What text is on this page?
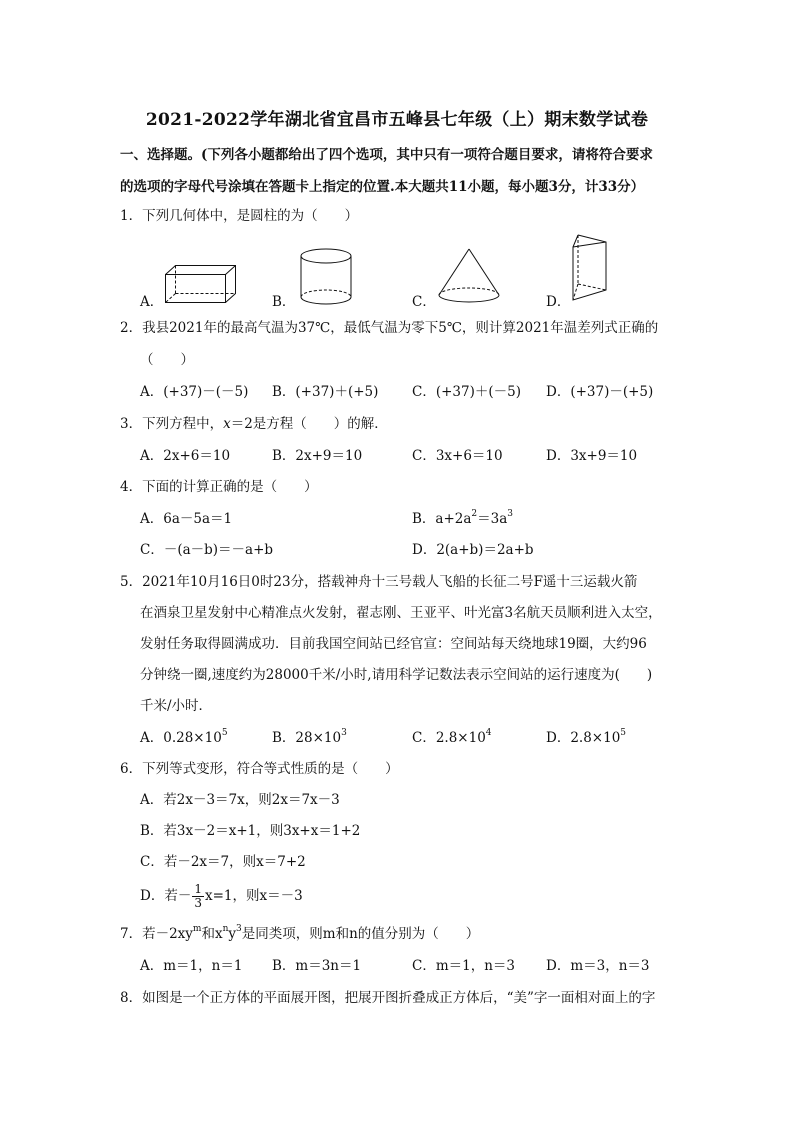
2021-2022学年湖北省宜昌市五峰县七年级（上）期末数学试卷
一、选择题。(下列各小题都给出了四个选项，其中只有一项符合题目要求，请将符合要求
的选项的字母代号涂填在答题卡上指定的位置.本大题共11小题，每小题3分，计33分）
1．下列几何体中，是圆柱的为（　　）
A．	B．	C．	D．
2．我县2021年的最高气温为37℃，最低气温为零下5℃，则计算2021年温差列式正确的
（　　）
A．(+37)－(－5) B．(+37)＋(+5) C．(+37)＋(－5) D．(+37)－(+5)
3．下列方程中，x＝2是方程（　　）的解．
A．2x+6＝10	B．2x+9＝10	C．3x+6＝10	D．3x+9＝10
4．下面的计算正确的是（　　）
A．6a－5a＝1	B．$a+2a^2=3a^3$
C．－(a－b)＝－a+b	D．2(a+b)＝2a+b
5．2021年10月16日0时23分，搭载神舟十三号载人飞船的长征二号F遥十三运载火箭
在酒泉卫星发射中心精准点火发射，翟志刚、王亚平、叶光富3名航天员顺利进入太空，
发射任务取得圆满成功．目前我国空间站已经官宣：空间站每天绕地球19圈，大约96
分钟绕一圈,速度约为28000千米/小时,请用科学记数法表示空间站的运行速度为(　　)
千米/小时．
A．$0.28\times 10^5$	B．$28\times 10^3$	C．$2.8\times 10^4$	D．$2.8\times 10^5$
6．下列等式变形，符合等式性质的是（　　）
A．若2x－3＝7x，则2x＝7x－3
B．若3x－2＝x+1，则3x+x＝1+2
C．若－2x＝7，则x＝7+2
D．若－ $\frac{1}{3} x=1$，则x＝－3
7．若$-2xy^m$和$x^ny^3$是同类项，则m和n的值分别为（　　）
A．m＝1，n＝1 B．m＝3n＝1	C．m＝1，n＝3 D．m＝3，n＝3
8．如图是一个正方体的平面展开图，把展开图折叠成正方体后，“美”字一面相对面上的字
